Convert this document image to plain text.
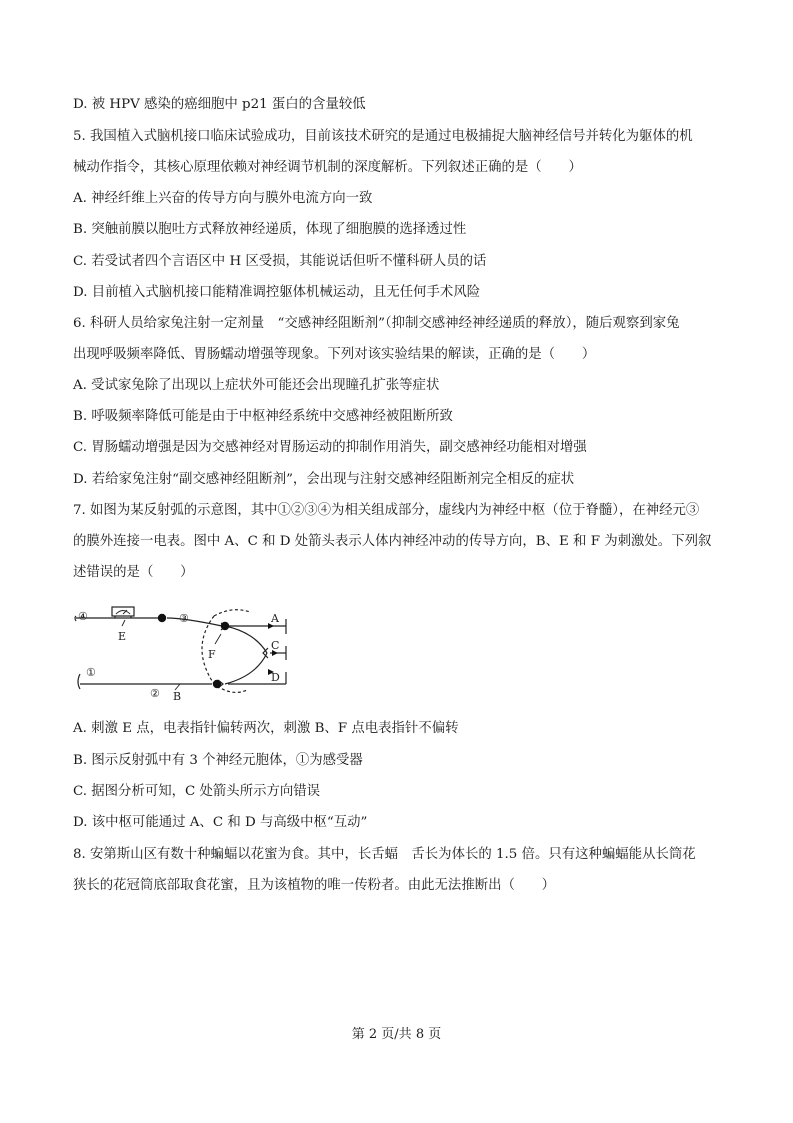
D. 被 HPV 感染的癌细胞中 p21 蛋白的含量较低
5. 我国植入式脑机接口临床试验成功，目前该技术研究的是通过电极捕捉大脑神经信号并转化为躯体的机
械动作指令，其核心原理依赖对神经调节机制的深度解析。下列叙述正确的是（　　）
A. 神经纤维上兴奋的传导方向与膜外电流方向一致
B. 突触前膜以胞吐方式释放神经递质，体现了细胞膜的选择透过性
C. 若受试者四个言语区中 H 区受损，其能说话但听不懂科研人员的话
D. 目前植入式脑机接口能精准调控躯体机械运动，且无任何手术风险
6. 科研人员给家兔注射一定剂量　“交感神经阻断剂”（抑制交感神经神经递质的释放），随后观察到家兔
出现呼吸频率降低、胃肠蠕动增强等现象。下列对该实验结果的解读，正确的是（　　）
A. 受试家兔除了出现以上症状外可能还会出现瞳孔扩张等症状
B. 呼吸频率降低可能是由于中枢神经系统中交感神经被阻断所致
C. 胃肠蠕动增强是因为交感神经对胃肠运动的抑制作用消失，副交感神经功能相对增强
D. 若给家兔注射“副交感神经阻断剂”，会出现与注射交感神经阻断剂完全相反的症状
7. 如图为某反射弧的示意图，其中①②③④为相关组成部分，虚线内为神经中枢（位于脊髓），在神经元③
的膜外连接一电表。图中 A、C 和 D 处箭头表示人体内神经冲动的传导方向，B、E 和 F 为刺激处。下列叙
述错误的是（　　）
A. 刺激 E 点，电表指针偏转两次，刺激 B、F 点电表指针不偏转
B. 图示反射弧中有 3 个神经元胞体，①为感受器
C. 据图分析可知，C 处箭头所示方向错误
D. 该中枢可能通过 A、C 和 D 与高级中枢“互动”
8. 安第斯山区有数十种蝙蝠以花蜜为食。其中，长舌蝠　舌长为体长的 1.5 倍。只有这种蝙蝠能从长筒花
狭长的花冠筒底部取食花蜜，且为该植物的唯一传粉者。由此无法推断出（　　）
④	③
①
②
E
F
B
A
C
D
第 2 页/共 8 页
